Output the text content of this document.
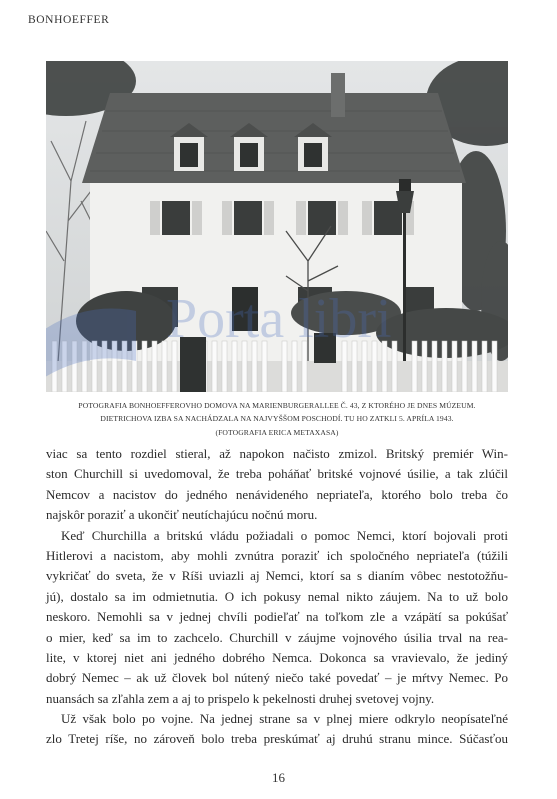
BONHOEFFER
Porta libri
POTOGRAFIA BONHOEFFEROVHO DOMOVA NA MARIENBURGERALLEE Č. 43, Z KTORÉHO JE DNES MÚZEUM.
DIETRICHOVA IZBA SA NACHÁDZALA NA NAJVYŠŠOM POSCHODÍ. TU HO ZATKLI 5. APRÍLA 1943.
(FOTOGRAFIA ERICA METAXASA)
viac sa tento rozdiel stieral, až napokon načisto zmizol. Britský premiér Win-
ston Churchill si uvedomoval, že treba poháňať britské vojnové úsilie, a tak zlúčil
Nemcov a nacistov do jedného nenávideného nepriateľa, ktorého bolo treba čo
najskôr poraziť a ukončiť neutíchajúcu nočnú moru.
Keď Churchilla a britskú vládu požiadali o pomoc Nemci, ktorí bojovali proti
Hitlerovi a nacistom, aby mohli zvnútra poraziť ich spoločného nepriateľa (túžili
vykričať do sveta, že v Ríši uviazli aj Nemci, ktorí sa s dianím vôbec nestotožňu-
jú), dostalo sa im odmietnutia. O ich pokusy nemal nikto záujem. Na to už bolo
neskoro. Nemohli sa v jednej chvíli podieľať na toľkom zle a vzápätí sa pokúšať
o mier, keď sa im to zachcelo. Churchill v záujme vojnového úsilia trval na rea-
lite, v ktorej niet ani jedného dobrého Nemca. Dokonca sa vravievalo, že jediný
dobrý Nemec – ak už človek bol nútený niečo také povedať – je mŕtvy Nemec. Po
nuansách sa zľahla zem a aj to prispelo k pekelnosti druhej svetovej vojny.
Už však bolo po vojne. Na jednej strane sa v plnej miere odkrylo neopísateľné
zlo Tretej ríše, no zároveň bolo treba preskúmať aj druhú stranu mince. Súčasťou
16
